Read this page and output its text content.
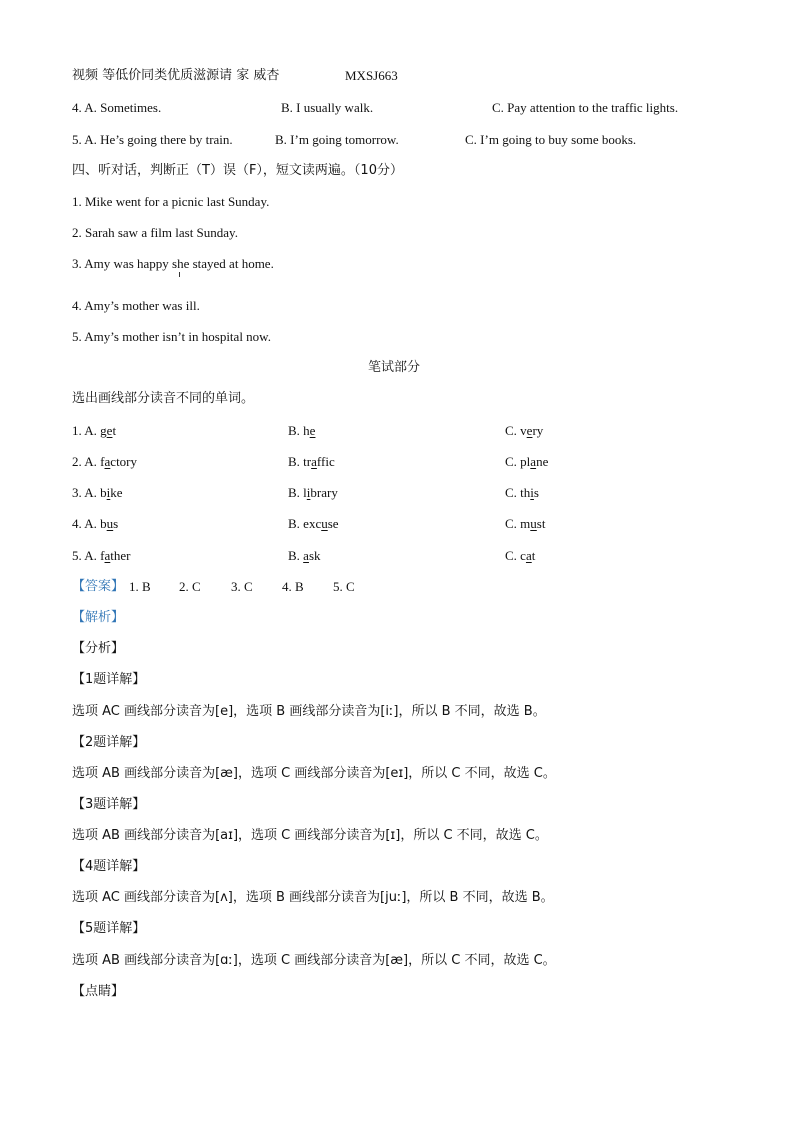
视频 等低价同类优质滋源请 家 威杏	MXSJ663
4. A. Sometimes.	B. I usually walk.	C. Pay attention to the traffic lights.
5. A. He’s going there by train.	B. I’m going tomorrow.	C. I’m going to buy some books.
四、听对话，判断正（T）误（F），短文读两遍。（10分）
1. Mike went for a picnic last Sunday.
2. Sarah saw a film last Sunday.
3. Amy was happy she stayed at home.
4. Amy’s mother was ill.
5. Amy’s mother isn’t in hospital now.
笔试部分
选出画线部分读音不同的单词。
1. A. get	B. he	C. very
2. A. factory	B. traffic	C. plane
3. A. bike	B. library	C. this
4. A. bus	B. excuse	C. must
5. A. father	B. ask	C. cat
【答案】 1. B 2. C 3. C 4. B 5. C
【解析】
【分析】
【1题详解】
选项 AC 画线部分读音为[e]，选项 B 画线部分读音为[iː]，所以 B 不同，故选 B。
【2题详解】
选项 AB 画线部分读音为[æ]，选项 C 画线部分读音为[eɪ]，所以 C 不同，故选 C。
【3题详解】
选项 AB 画线部分读音为[aɪ]，选项 C 画线部分读音为[ɪ]，所以 C 不同，故选 C。
【4题详解】
选项 AC 画线部分读音为[ʌ]，选项 B 画线部分读音为[juː]，所以 B 不同，故选 B。
【5题详解】
选项 AB 画线部分读音为[ɑː]，选项 C 画线部分读音为[æ]，所以 C 不同，故选 C。
【点睛】
